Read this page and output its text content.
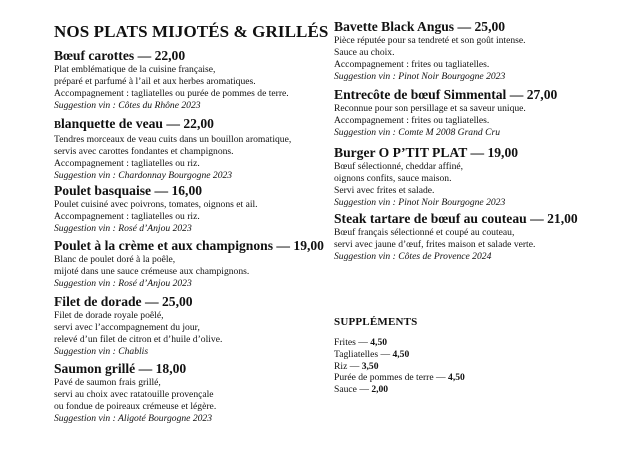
NOS PLATS MIJOTÉS & GRILLÉS
Bœuf carottes — 22,00
Plat emblématique de la cuisine française,
préparé et parfumé à l’ail et aux herbes aromatiques.
Accompagnement : tagliatelles ou purée de pommes de terre.
Suggestion vin : Côtes du Rhône 2023
Blanquette de veau — 22,00
Tendres morceaux de veau cuits dans un bouillon aromatique,
servis avec carottes fondantes et champignons.
Accompagnement : tagliatelles ou riz.
Suggestion vin : Chardonnay Bourgogne 2023
Poulet basquaise — 16,00
Poulet cuisiné avec poivrons, tomates, oignons et ail.
Accompagnement : tagliatelles ou riz.
Suggestion vin : Rosé d’Anjou 2023
Poulet à la crème et aux champignons — 19,00
Blanc de poulet doré à la poêle,
mijoté dans une sauce crémeuse aux champignons.
Suggestion vin : Rosé d’Anjou 2023
Filet de dorade — 25,00
Filet de dorade royale poêlé,
servi avec l’accompagnement du jour,
relevé d’un filet de citron et d’huile d’olive.
Suggestion vin : Chablis
Saumon grillé — 18,00
Pavé de saumon frais grillé,
servi au choix avec ratatouille provençale
ou fondue de poireaux crémeuse et légère.
Suggestion vin : Aligoté Bourgogne 2023
Bavette Black Angus — 25,00
Pièce réputée pour sa tendreté et son goût intense.
Sauce au choix.
Accompagnement : frites ou tagliatelles.
Suggestion vin : Pinot Noir Bourgogne 2023
Entrecôte de bœuf Simmental — 27,00
Reconnue pour son persillage et sa saveur unique.
Accompagnement : frites ou tagliatelles.
Suggestion vin : Comte M 2008 Grand Cru
Burger O P’TIT PLAT — 19,00
Bœuf sélectionné, cheddar affiné,
oignons confits, sauce maison.
Servi avec frites et salade.
Suggestion vin : Pinot Noir Bourgogne 2023
Steak tartare de bœuf au couteau — 21,00
Bœuf français sélectionné et coupé au couteau,
servi avec jaune d’œuf, frites maison et salade verte.
Suggestion vin : Côtes de Provence 2024
SUPPLÉMENTS
Frites — 4,50
Tagliatelles — 4,50
Riz — 3,50
Purée de pommes de terre — 4,50
Sauce — 2,00
